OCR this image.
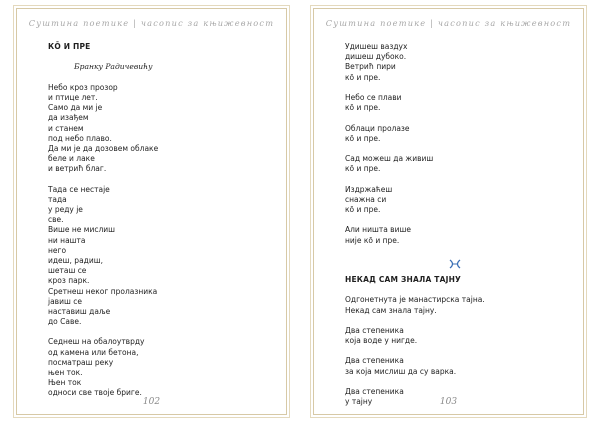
Суштина поетике | часопис за књижевност
КО̄ И ПРЕ
Бранку Радичевићу
Небо кроз прозор
и птице лет.
Само да ми је
да изађем
и станем
под небо плаво.
Да ми је да дозовем облаке
беле и лаке
и ветриħ благ.
Тада се нестаје
тада
у реду је
све.
Више не мислиш
ни нашта
него
идеш, радиш,
шеташ се
кроз парк.
Сретнеш неког пролазника
јавиш се
наставиш даље
до Саве.
Седнеш на обалоутврду
од камена или бетона,
посматраш реку
њен ток.
Њен ток
односи све твоје бриге.
102
Суштина поетике | часопис за књижевност
Удишеш ваздух
дишеш дубоко.
Ветриħ пири
ко̄ и пре.
Небо се плави
ко̄ и пре.
Облаци пролазе
ко̄ и пре.
Сад можеш да живиш
ко̄ и пре.
Издржаћеш
снажна си
ко̄ и пре.
Али ништа више
није ко̄ и пре.
НЕКАД САМ ЗНАЛА ТАЈНУ
Одгонетнута је манастирска тајна.
Некад сам знала тајну.
Два степеника
која воде у нигде.
Два степеника
за која мислиш да су варка.
Два степеника
у тајну	103
